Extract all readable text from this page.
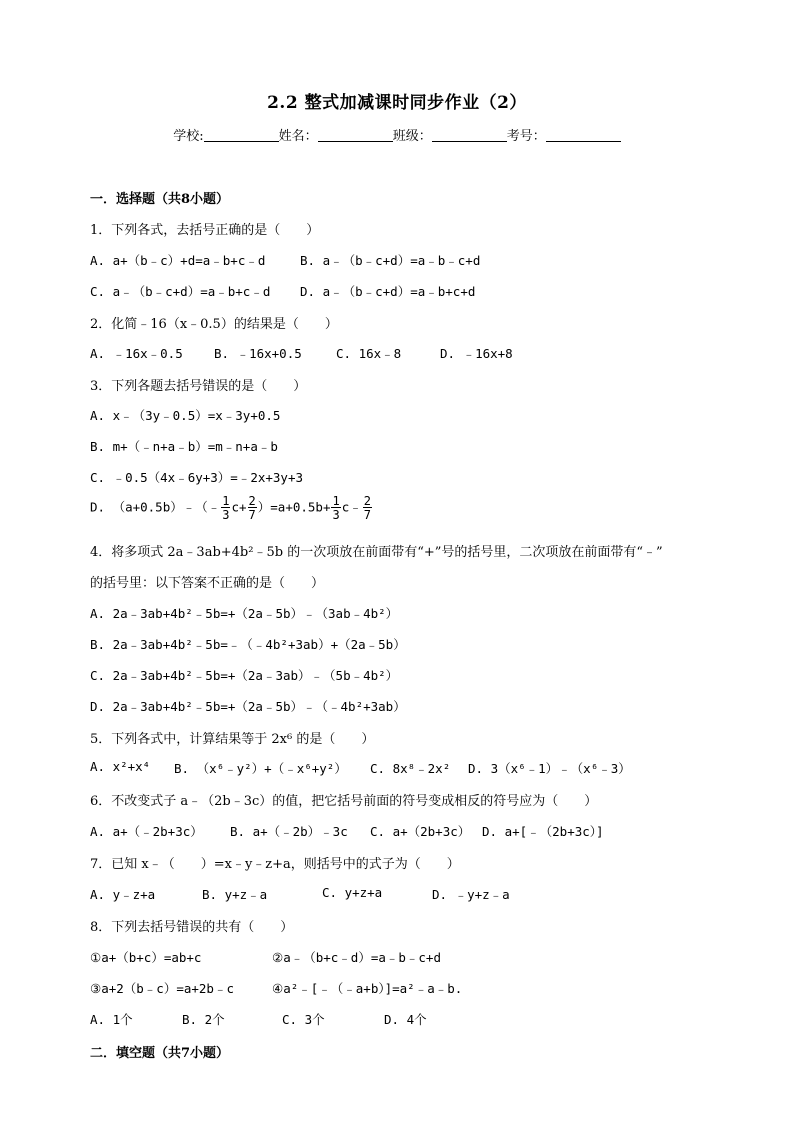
2.2 整式加减课时同步作业（2）
学校:	姓名：	班级：	考号：
一．选择题（共8小题）
1．下列各式，去括号正确的是（　　）
A. a+（b﹣c）+d=a﹣b+c﹣d	B. a﹣（b﹣c+d）=a﹣b﹣c+d
C. a﹣（b﹣c+d）=a﹣b+c﹣d D. a﹣（b﹣c+d）=a﹣b+c+d
2．化简﹣16（x﹣0.5）的结果是（　　）
A. ﹣16x﹣0.5	B. ﹣16x+0.5	C. 16x﹣8	D. ﹣16x+8
3．下列各题去括号错误的是（　　）
A. x﹣（3y﹣0.5）=x﹣3y+0.5
B. m+（﹣n+a﹣b）=m﹣n+a﹣b
C. ﹣0.5（4x﹣6y+3）=﹣2x+3y+3
D. （a+0.5b）﹣（﹣ $\frac{1}{3} c+ \frac{2}{7} )=a+0.5b+ \frac{1}{3}$ c﹣ $\frac{2}{7}$
4．将多项式 2a﹣3ab+4b²﹣5b 的一次项放在前面带有“+”号的括号里，二次项放在前面带有“﹣”
的括号里：以下答案不正确的是（　　）
A. 2a﹣3ab+4b²﹣5b=+（2a﹣5b）﹣（3ab﹣4b²）
B. 2a﹣3ab+4b²﹣5b=﹣（﹣4b²+3ab）+（2a﹣5b）
C. 2a﹣3ab+4b²﹣5b=+（2a﹣3ab）﹣（5b﹣4b²）
D. 2a﹣3ab+4b²﹣5b=+（2a﹣5b）﹣（﹣4b²+3ab）
5．下列各式中，计算结果等于 2x⁶ 的是（　　）
A. x²+x⁴ B. （x⁶﹣y²）+（﹣x⁶+y²） C. 8x⁸﹣2x² D. 3（x⁶﹣1）﹣（x⁶﹣3）
6．不改变式子 a﹣（2b﹣3c）的值，把它括号前面的符号变成相反的符号应为（　　）
A. a+（﹣2b+3c） B. a+（﹣2b）﹣3c C. a+（2b+3c） D. a+[﹣（2b+3c）]
7．已知 x﹣（　　）=x﹣y﹣z+a，则括号中的式子为（　　）
A. y﹣z+a	B. y+z﹣a	C. y+z+a	D. ﹣y+z﹣a
8．下列去括号错误的共有（　　）
①a+（b+c）=ab+c	②a﹣（b+c﹣d）=a﹣b﹣c+d
③a+2（b﹣c）=a+2b﹣c	④a²﹣[﹣（﹣a+b）]=a²﹣a﹣b.
A. 1个	B. 2个	C. 3个	D. 4个
二．填空题（共7小题）
